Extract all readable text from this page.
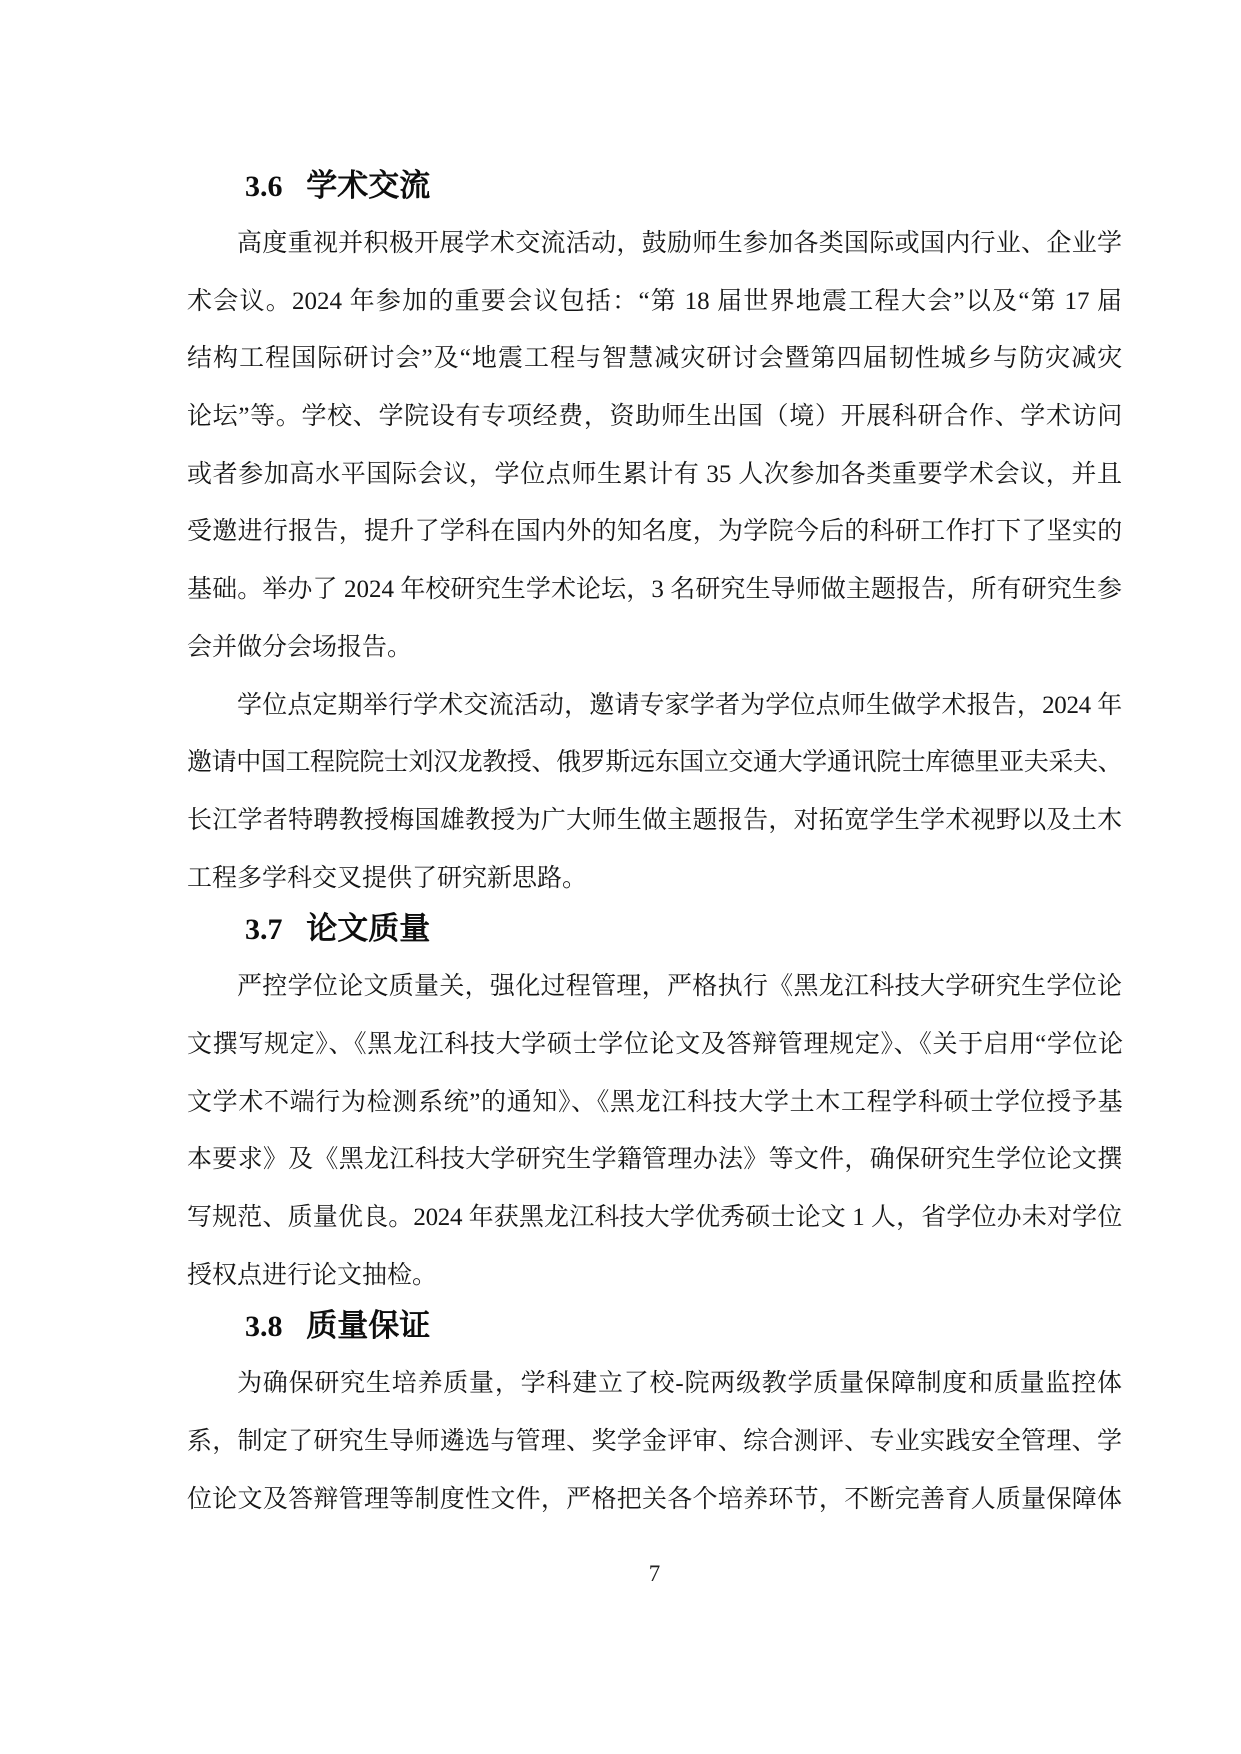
3.6 学术交流
高度重视并积极开展学术交流活动，鼓励师生参加各类国际或国内行业、企业学
术会议。2024 年参加的重要会议包括：“第 18 届世界地震工程大会”以及“第 17 届
结构工程国际研讨会”及“地震工程与智慧减灾研讨会暨第四届韧性城乡与防灾减灾
论坛”等。学校、学院设有专项经费，资助师生出国（境）开展科研合作、学术访问
或者参加高水平国际会议，学位点师生累计有 35 人次参加各类重要学术会议，并且
受邀进行报告，提升了学科在国内外的知名度，为学院今后的科研工作打下了坚实的
基础。举办了 2024 年校研究生学术论坛，3 名研究生导师做主题报告，所有研究生参
会并做分会场报告。
学位点定期举行学术交流活动，邀请专家学者为学位点师生做学术报告，2024 年
邀请中国工程院院士刘汉龙教授、俄罗斯远东国立交通大学通讯院士库德里亚夫采夫、
长江学者特聘教授梅国雄教授为广大师生做主题报告，对拓宽学生学术视野以及土木
工程多学科交叉提供了研究新思路。
3.7 论文质量
严控学位论文质量关，强化过程管理，严格执行《黑龙江科技大学研究生学位论
文撰写规定》、《黑龙江科技大学硕士学位论文及答辩管理规定》、《关于启用“学位论
文学术不端行为检测系统”的通知》、《黑龙江科技大学土木工程学科硕士学位授予基
本要求》及《黑龙江科技大学研究生学籍管理办法》等文件，确保研究生学位论文撰
写规范、质量优良。2024 年获黑龙江科技大学优秀硕士论文 1 人，省学位办未对学位
授权点进行论文抽检。
3.8 质量保证
为确保研究生培养质量，学科建立了校-院两级教学质量保障制度和质量监控体
系，制定了研究生导师遴选与管理、奖学金评审、综合测评、专业实践安全管理、学
位论文及答辩管理等制度性文件，严格把关各个培养环节，不断完善育人质量保障体
7
